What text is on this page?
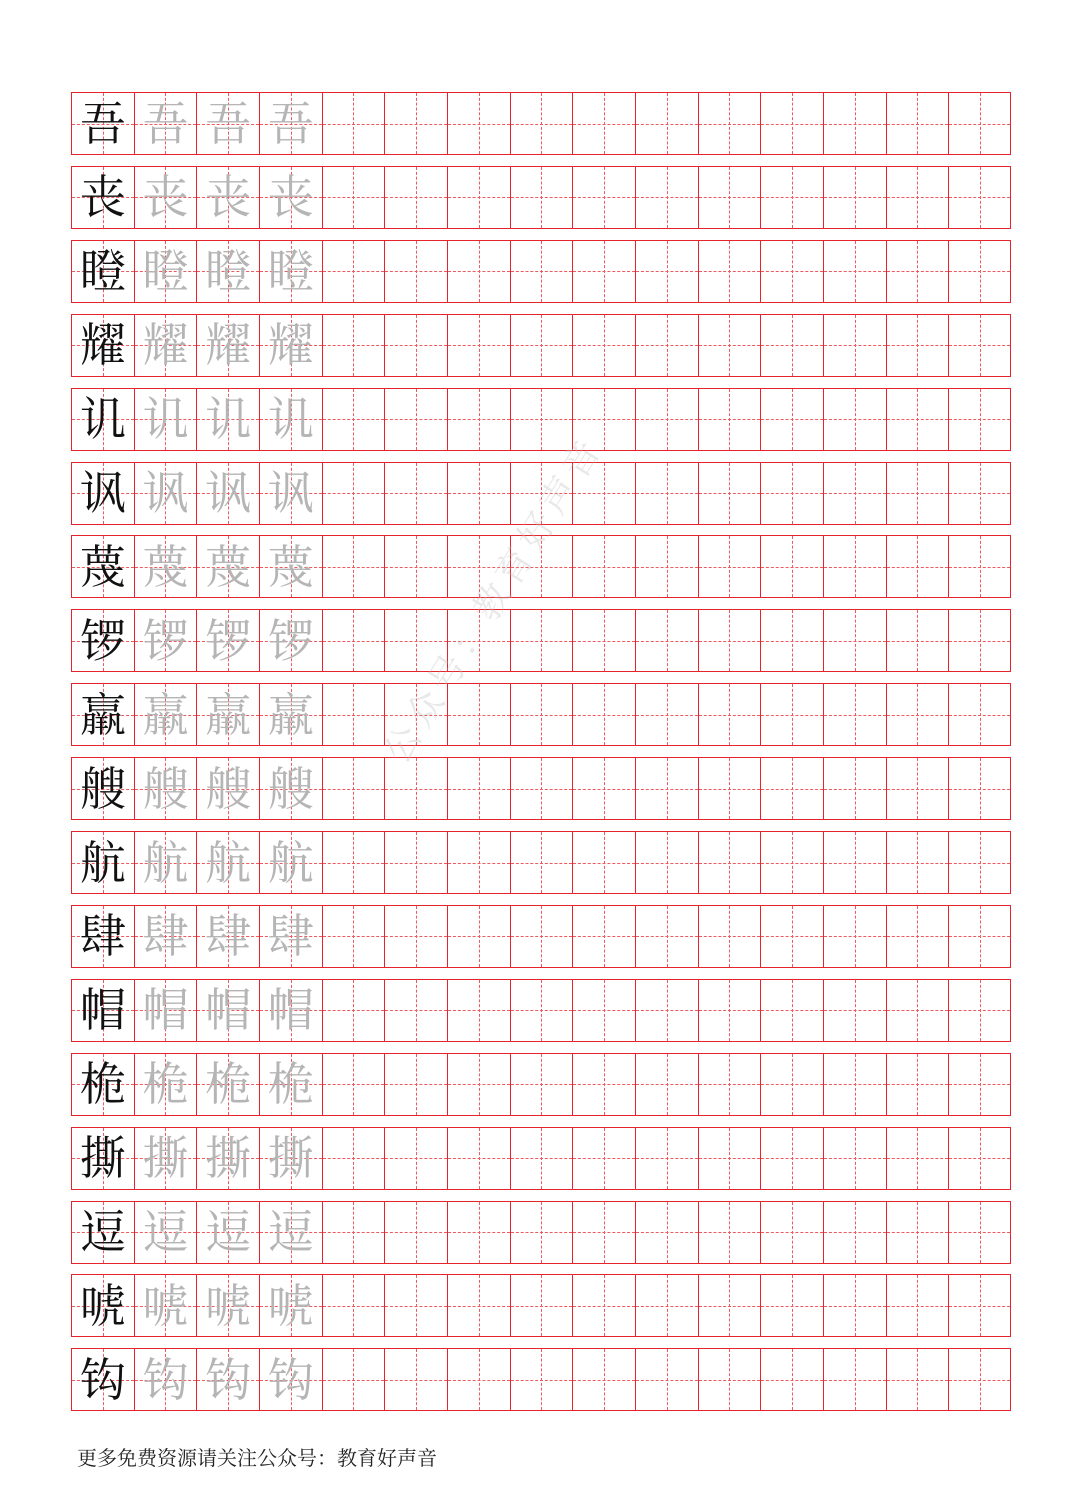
吾 吾 吾 吾
丧 丧 丧 丧
瞪 瞪 瞪 瞪
耀 耀 耀 耀
讥 讥 讥 讥
讽 讽 讽 讽
蔑 蔑 蔑 蔑
锣 锣 锣 锣
羸 羸 羸 羸
艘 艘 艘 艘
航 航 航 航
肆 肆 肆 肆
帽 帽 帽 帽
桅 桅 桅 桅
撕 撕 撕 撕
逗 逗 逗 逗
唬 唬 唬 唬
钩 钩 钩 钩
公众号：教育好声音
更多免费资源请关注公众号：教育好声音
